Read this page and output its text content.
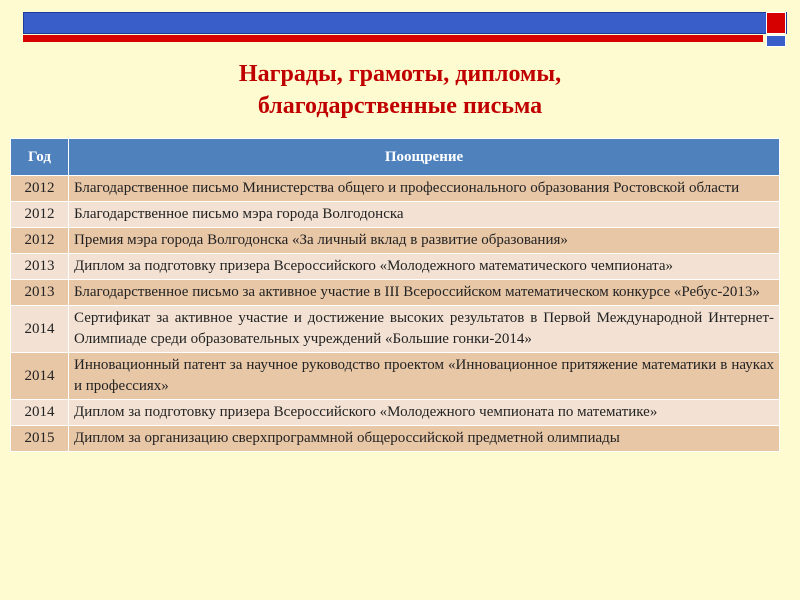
Награды, грамоты, дипломы,
благодарственные письма
Год	Поощрение
2012	Благодарственное письмо Министерства общего и профессионального образования Ростовской области
2012	Благодарственное письмо мэра города Волгодонска
2012	Премия мэра города Волгодонска «За личный вклад в развитие образования»
2013	Диплом за подготовку призера Всероссийского «Молодежного математического чемпионата»
2013	Благодарственное письмо за активное участие в III Всероссийском математическом конкурсе «Ребус-2013»
2014	Сертификат за активное участие и достижение высоких результатов в Первой Международной Интернет-Олимпиаде среди образовательных учреждений «Большие гонки-2014»
2014	Инновационный патент за научное руководство проектом «Инновационное притяжение математики в науках и профессиях»
2014	Диплом за подготовку призера Всероссийского «Молодежного чемпионата по математике»
2015	Диплом за организацию сверхпрограммной общероссийской предметной олимпиады
